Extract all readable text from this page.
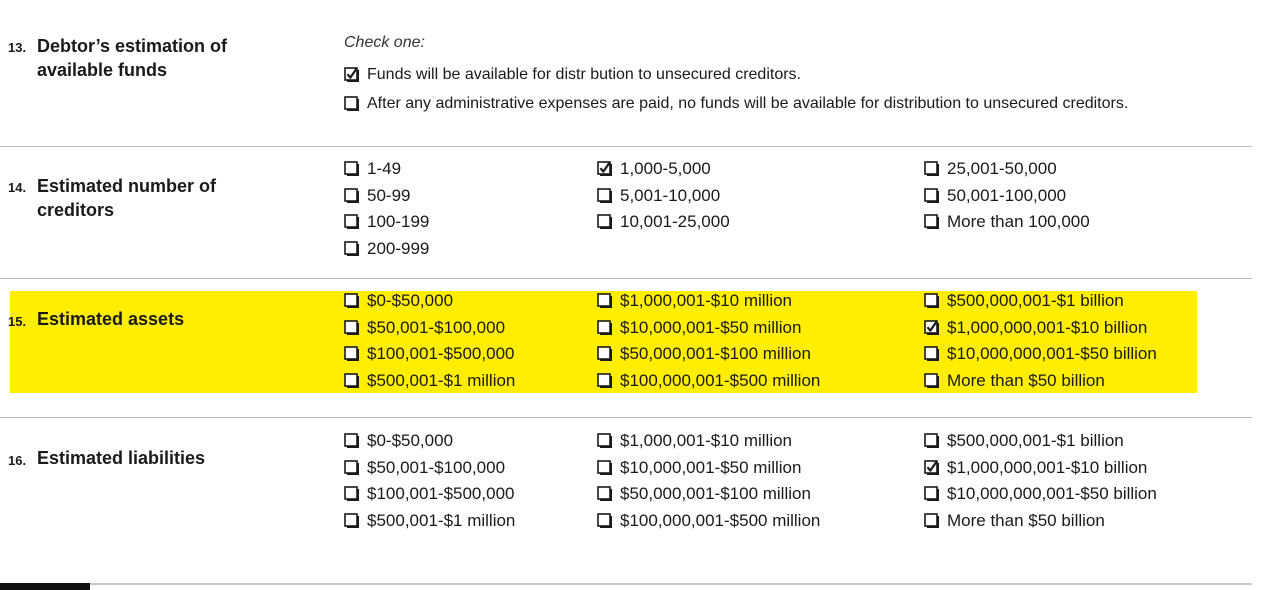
13. Debtor’s estimation of
available funds
Check one:
Funds will be available for distr bution to unsecured creditors.
After any administrative expenses are paid, no funds will be available for distribution to unsecured creditors.
14. Estimated number of
creditors
15. Estimated assets
16. Estimated liabilities
1-49
50-99
100-199
200-999
1,000-5,000
5,001-10,000
10,001-25,000
25,001-50,000
50,001-100,000
More than 100,000
$0-$50,000
$50,001-$100,000
$100,001-$500,000
$500,001-$1 million
$1,000,001-$10 million
$10,000,001-$50 million
$50,000,001-$100 million
$100,000,001-$500 million
$500,000,001-$1 billion
$1,000,000,001-$10 billion
$10,000,000,001-$50 billion
More than $50 billion
$0-$50,000
$50,001-$100,000
$100,001-$500,000
$500,001-$1 million
$1,000,001-$10 million
$10,000,001-$50 million
$50,000,001-$100 million
$100,000,001-$500 million
$500,000,001-$1 billion
$1,000,000,001-$10 billion
$10,000,000,001-$50 billion
More than $50 billion
